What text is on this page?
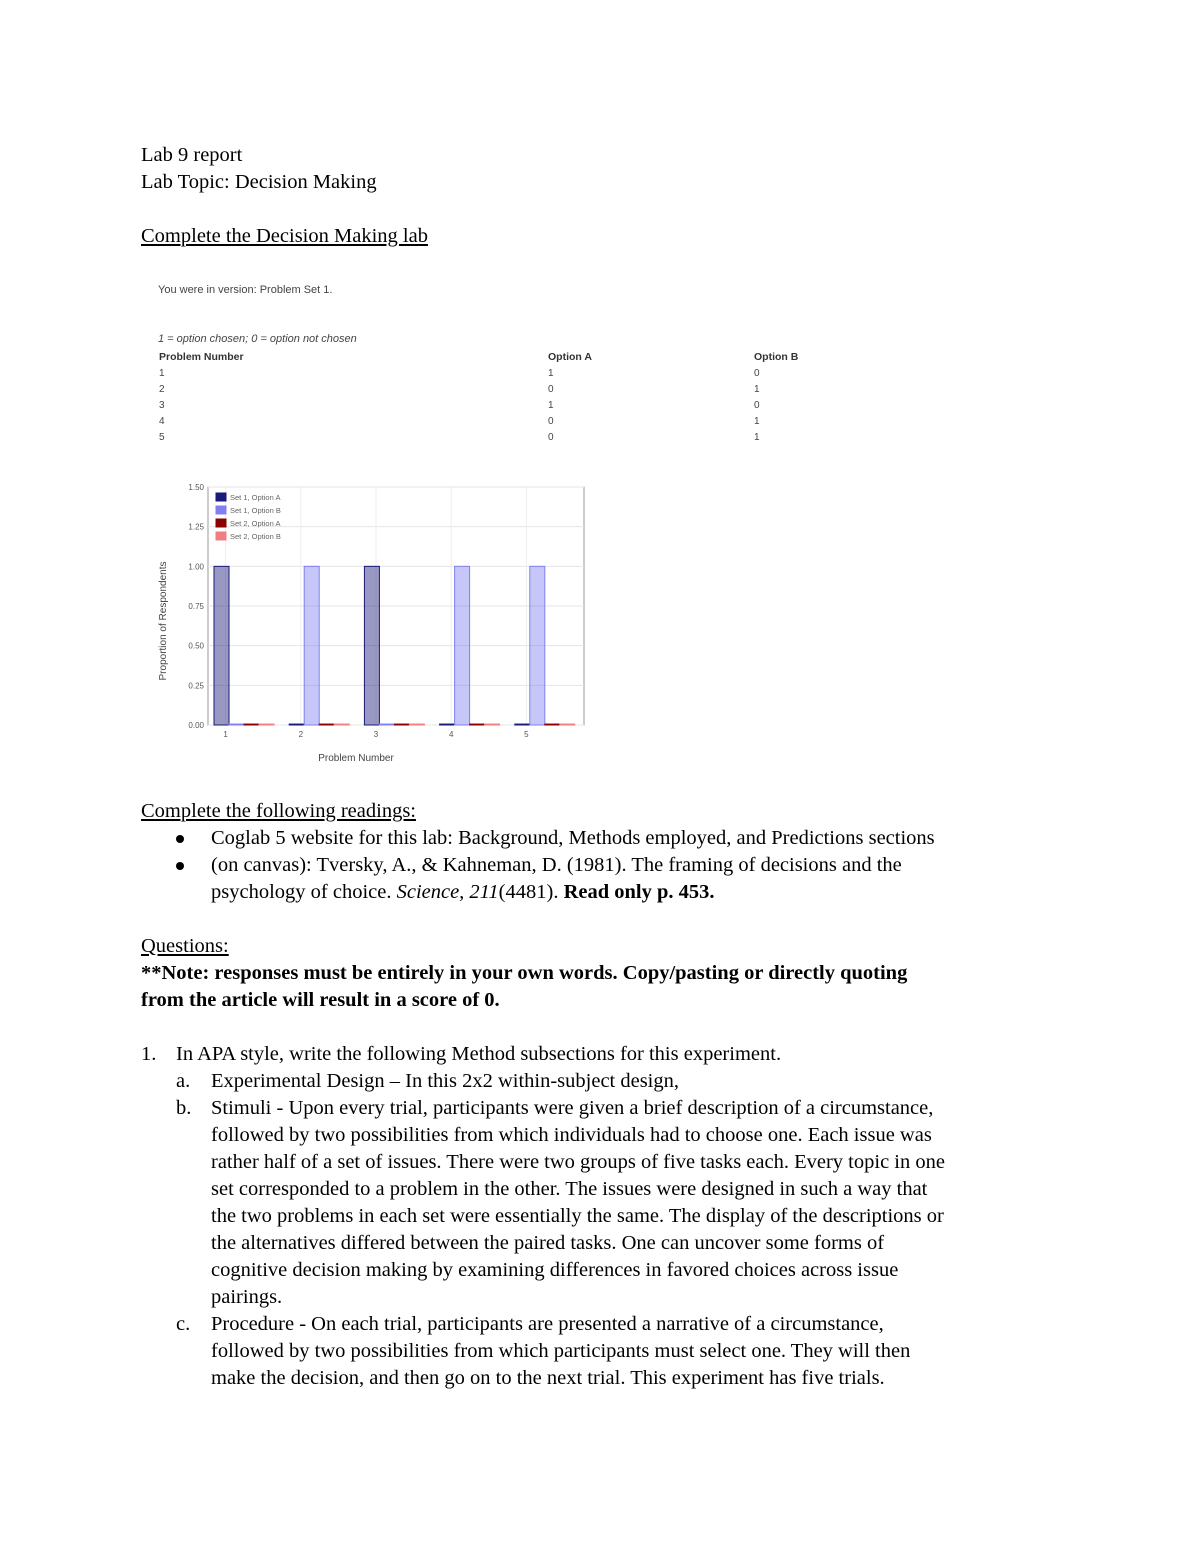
Lab 9 report
Lab Topic: Decision Making
Complete the Decision Making lab
You were in version: Problem Set 1.
1 = option chosen; 0 = option not chosen
Problem Number	Option A	Option B
1	1	0
2	0	1
3	1	0
4	0	1
5	0	1
0.00
0.25
0.50
0.75
1.00
1.25
1.50
1	2	3	4	5
Set 1, Option A
Set 1, Option B
Set 2, Option A
Set 2, Option B
Problem Number
Proportion of Respondents
Complete the following readings:
Coglab 5 website for this lab: Background, Methods employed, and Predictions sections
(on canvas): Tversky, A., & Kahneman, D. (1981). The framing of decisions and the
psychology of choice. Science, 211(4481). Read only p. 453.
Questions:
**Note: responses must be entirely in your own words. Copy/pasting or directly quoting
from the article will result in a score of 0.
1. In APA style, write the following Method subsections for this experiment.
a. Experimental Design – In this 2x2 within-subject design,
b. Stimuli - Upon every trial, participants were given a brief description of a circumstance,
followed by two possibilities from which individuals had to choose one. Each issue was
rather half of a set of issues. There were two groups of five tasks each. Every topic in one
set corresponded to a problem in the other. The issues were designed in such a way that
the two problems in each set were essentially the same. The display of the descriptions or
the alternatives differed between the paired tasks. One can uncover some forms of
cognitive decision making by examining differences in favored choices across issue
pairings.
c. Procedure - On each trial, participants are presented a narrative of a circumstance,
followed by two possibilities from which participants must select one. They will then
make the decision, and then go on to the next trial. This experiment has five trials.
